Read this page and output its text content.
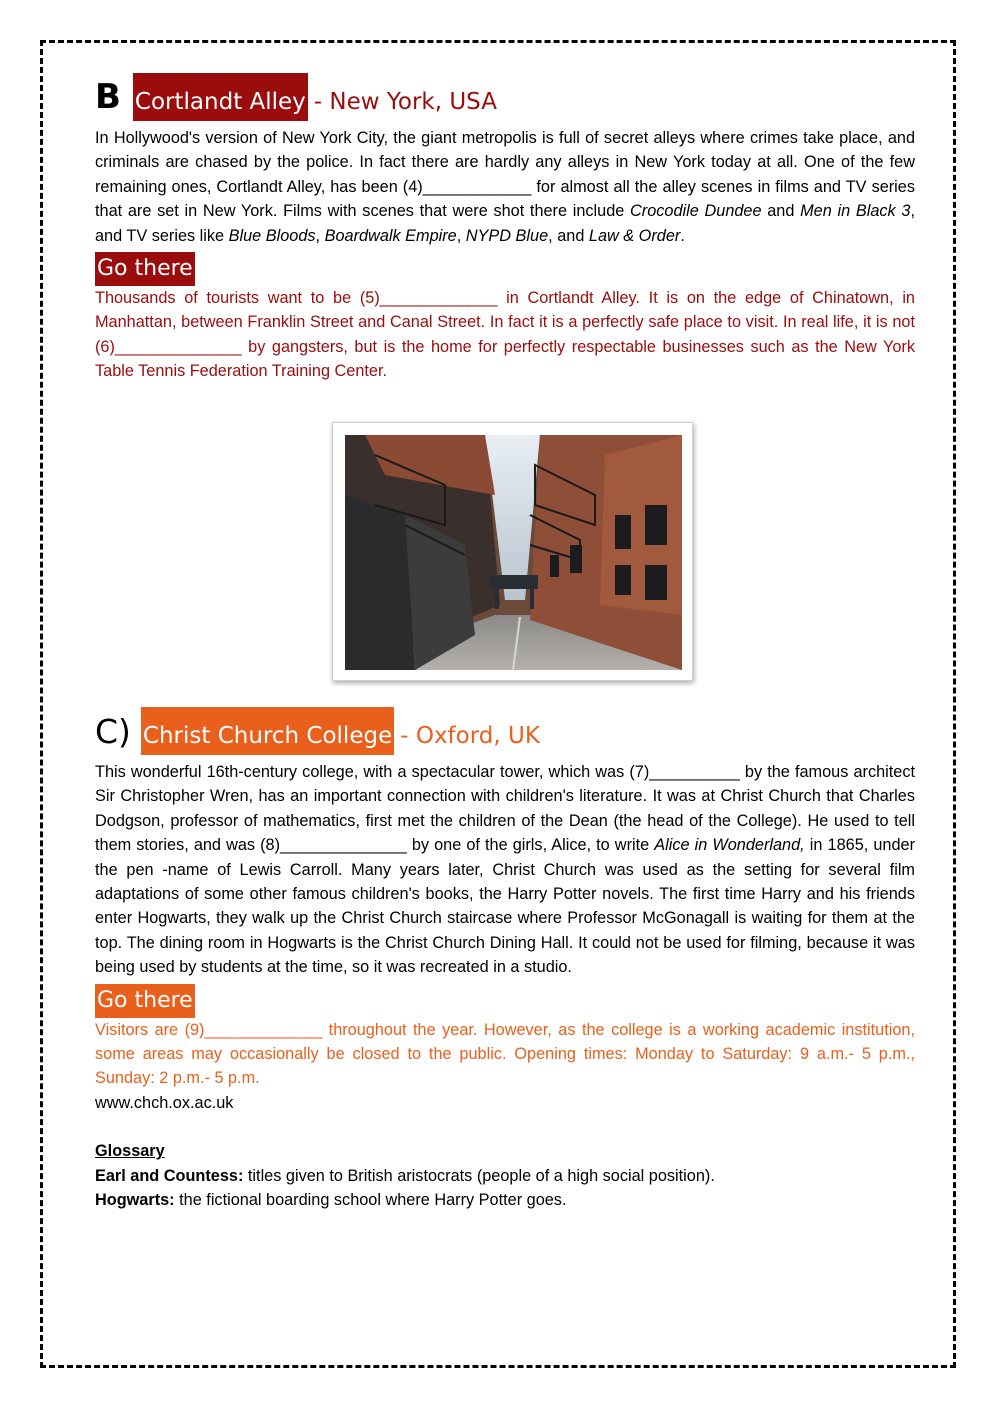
B Cortlandt Alley - New York, USA

In Hollywood's version of New York City, the giant metropolis is full of secret alleys where crimes take place, and criminals are chased by the police. In fact there are hardly any alleys in New York today at all. One of the few remaining ones, Cortlandt Alley, has been (4)____________ for almost all the alley scenes in films and TV series that are set in New York. Films with scenes that were shot there include Crocodile Dundee and Men in Black 3, and TV series like Blue Bloods, Boardwalk Empire, NYPD Blue, and Law & Order.

Go there

Thousands of tourists want to be (5)_____________ in Cortlandt Alley. It is on the edge of Chinatown, in Manhattan, between Franklin Street and Canal Street. In fact it is a perfectly safe place to visit. In real life, it is not (6)______________ by gangsters, but is the home for perfectly respectable businesses such as the New York Table Tennis Federation Training Center.

C) Christ Church College - Oxford, UK

This wonderful 16th-century college, with a spectacular tower, which was (7)__________ by the famous architect Sir Christopher Wren, has an important connection with children's literature. It was at Christ Church that Charles Dodgson, professor of mathematics, first met the children of the Dean (the head of the College). He used to tell them stories, and was (8)______________ by one of the girls, Alice, to write Alice in Wonderland, in 1865, under the pen -name of Lewis Carroll. Many years later, Christ Church was used as the setting for several film adaptations of some other famous children's books, the Harry Potter novels. The first time Harry and his friends enter Hogwarts, they walk up the Christ Church staircase where Professor McGonagall is waiting for them at the top. The dining room in Hogwarts is the Christ Church Dining Hall. It could not be used for filming, because it was being used by students at the time, so it was recreated in a studio.

Go there

Visitors are (9)_____________ throughout the year. However, as the college is a working academic institution, some areas may occasionally be closed to the public. Opening times: Monday to Saturday: 9 a.m.- 5 p.m., Sunday: 2 p.m.- 5 p.m.

www.chch.ox.ac.uk

Glossary

Earl and Countess: titles given to British aristocrats (people of a high social position).

Hogwarts: the fictional boarding school where Harry Potter goes.
